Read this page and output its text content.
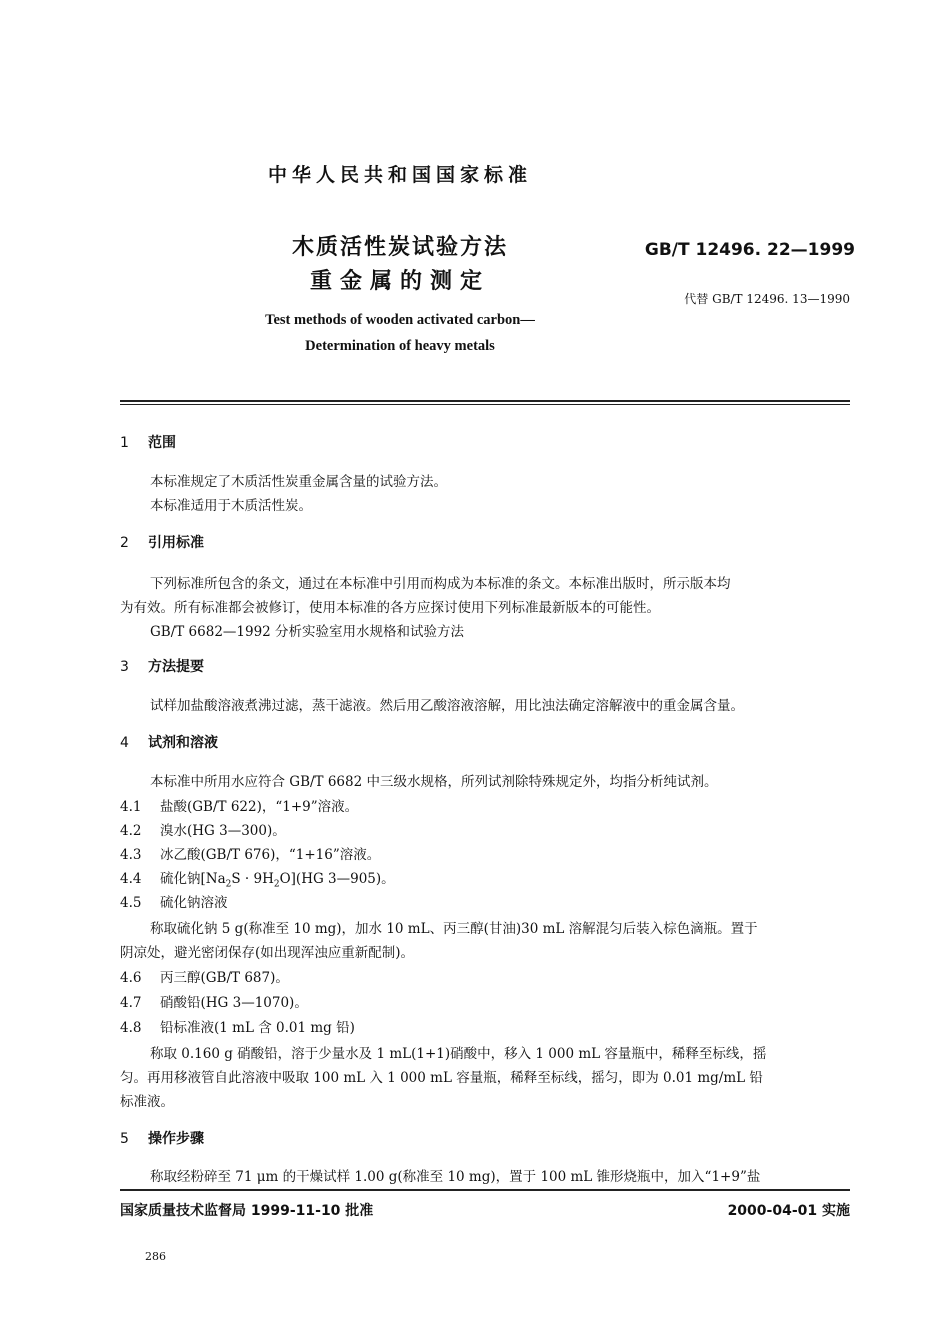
中华人民共和国国家标准
木质活性炭试验方法
重金属的测定
GB/T 12496. 22—1999
代替 GB/T 12496. 13—1990
Test methods of wooden activated carbon—
Determination of heavy metals
1 范围
本标准规定了木质活性炭重金属含量的试验方法。
本标准适用于木质活性炭。
2 引用标准
下列标准所包含的条文，通过在本标准中引用而构成为本标准的条文。本标准出版时，所示版本均
为有效。所有标准都会被修订，使用本标准的各方应探讨使用下列标准最新版本的可能性。
GB/T 6682—1992 分析实验室用水规格和试验方法
3 方法提要
试样加盐酸溶液煮沸过滤，蒸干滤液。然后用乙酸溶液溶解，用比浊法确定溶解液中的重金属含量。
4 试剂和溶液
本标准中所用水应符合 GB/T 6682 中三级水规格，所列试剂除特殊规定外，均指分析纯试剂。
4.1 盐酸(GB/T 622)，“1+9”溶液。
4.2 溴水(HG 3—300)。
4.3 冰乙酸(GB/T 676)，“1+16”溶液。
4.4 硫化钠$[Na_2S \cdot 9H_2O](HG$ 3—905)。
4.5 硫化钠溶液
称取硫化钠 5 g(称准至 10 mg)，加水 10 mL、丙三醇(甘油)30 mL 溶解混匀后装入棕色滴瓶。置于
阴凉处，避光密闭保存(如出现浑浊应重新配制)。
4.6 丙三醇(GB/T 687)。
4.7 硝酸铅(HG 3—1070)。
4.8 铅标准液(1 mL 含 0.01 mg 铅)
称取 0.160 g 硝酸铅，溶于少量水及 1 mL(1+1)硝酸中，移入 1 000 mL 容量瓶中，稀释至标线，摇
匀。再用移液管自此溶液中吸取 100 mL 入 1 000 mL 容量瓶，稀释至标线，摇匀，即为 0.01 mg/mL 铅
标准液。
5 操作步骤
称取经粉碎至 71 μm 的干燥试样 1.00 g(称准至 10 mg)，置于 100 mL 锥形烧瓶中，加入“1+9”盐
国家质量技术监督局 1999-11-10 批准	2000-04-01 实施
286
